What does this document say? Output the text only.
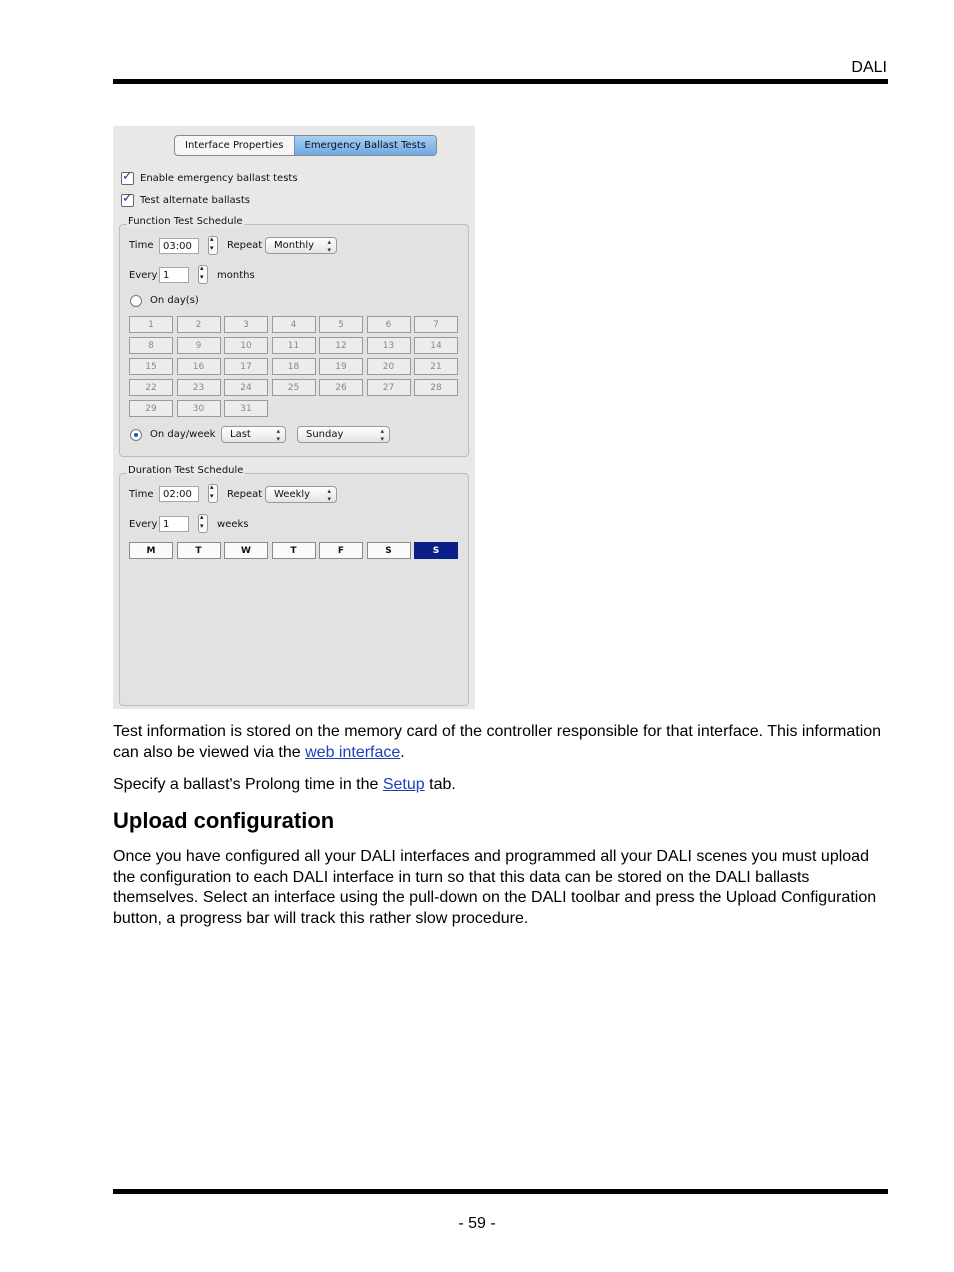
DALI
Interface Properties	Emergency Ballast Tests
✓
Enable emergency ballast tests
✓
Test alternate ballasts
Function Test Schedule
Time 03:00 ▴ ▾	Repeat	Monthly ▴
▾
Every 1 ▴ ▾	months
On day(s)
1	2	3	4	5	6	7
8	9	10	11	12	13	14
15	16	17	18	19	20	21
22	23	24	25	26	27	28
29	30	31
On day/week	Last	▴
▾	Sunday	▴
▾
Duration Test Schedule
Time 02:00 ▴ ▾	Repeat	Weekly ▴
▾
Every 1 ▴ ▾	weeks
M	T	W	T	F	S	S

Test information is stored on the memory card of the controller responsible for that interface. This information can also be viewed via the web interface.

Specify a ballast's Prolong time in the Setup tab.

Upload configuration

Once you have configured all your DALI interfaces and programmed all your DALI scenes you must upload the configuration to each DALI interface in turn so that this data can be stored on the DALI ballasts themselves. Select an interface using the pull-down on the DALI toolbar and press the Upload Configuration button, a progress bar will track this rather slow procedure.

- 59 -
